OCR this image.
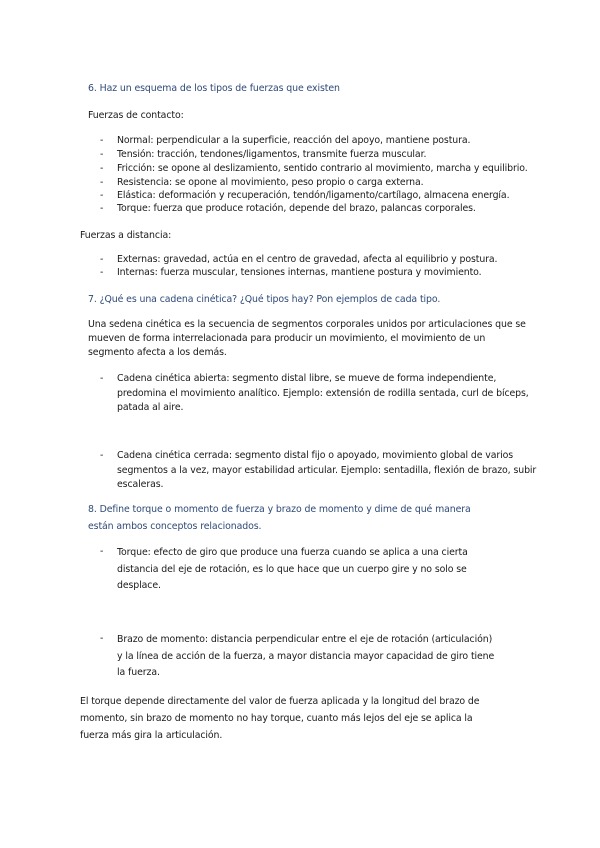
6. Haz un esquema de los tipos de fuerzas que existen

Fuerzas de contacto:

- Normal: perpendicular a la superficie, reacción del apoyo, mantiene postura.

- Tensión: tracción, tendones/ligamentos, transmite fuerza muscular.

- Fricción: se opone al deslizamiento, sentido contrario al movimiento, marcha y equilibrio.

- Resistencia: se opone al movimiento, peso propio o carga externa.

- Elástica: deformación y recuperación, tendón/ligamento/cartílago, almacena energía.

- Torque: fuerza que produce rotación, depende del brazo, palancas corporales.

Fuerzas a distancia:

- Externas: gravedad, actúa en el centro de gravedad, afecta al equilibrio y postura.

- Internas: fuerza muscular, tensiones internas, mantiene postura y movimiento.

7. ¿Qué es una cadena cinética? ¿Qué tipos hay? Pon ejemplos de cada tipo.

Una sedena cinética es la secuencia de segmentos corporales unidos por articulaciones que se
mueven de forma interrelacionada para producir un movimiento, el movimiento de un
segmento afecta a los demás.
- Cadena cinética abierta: segmento distal libre, se mueve de forma independiente,
predomina el movimiento analítico. Ejemplo: extensión de rodilla sentada, curl de bíceps,
patada al aire.
- Cadena cinética cerrada: segmento distal fijo o apoyado, movimiento global de varios
segmentos a la vez, mayor estabilidad articular. Ejemplo: sentadilla, flexión de brazo, subir
escaleras.
8. Define torque o momento de fuerza y brazo de momento y dime de qué manera
están ambos conceptos relacionados.
- Torque: efecto de giro que produce una fuerza cuando se aplica a una cierta
distancia del eje de rotación, es lo que hace que un cuerpo gire y no solo se
desplace.
- Brazo de momento: distancia perpendicular entre el eje de rotación (articulación)
y la línea de acción de la fuerza, a mayor distancia mayor capacidad de giro tiene
la fuerza.
El torque depende directamente del valor de fuerza aplicada y la longitud del brazo de
momento, sin brazo de momento no hay torque, cuanto más lejos del eje se aplica la
fuerza más gira la articulación.
